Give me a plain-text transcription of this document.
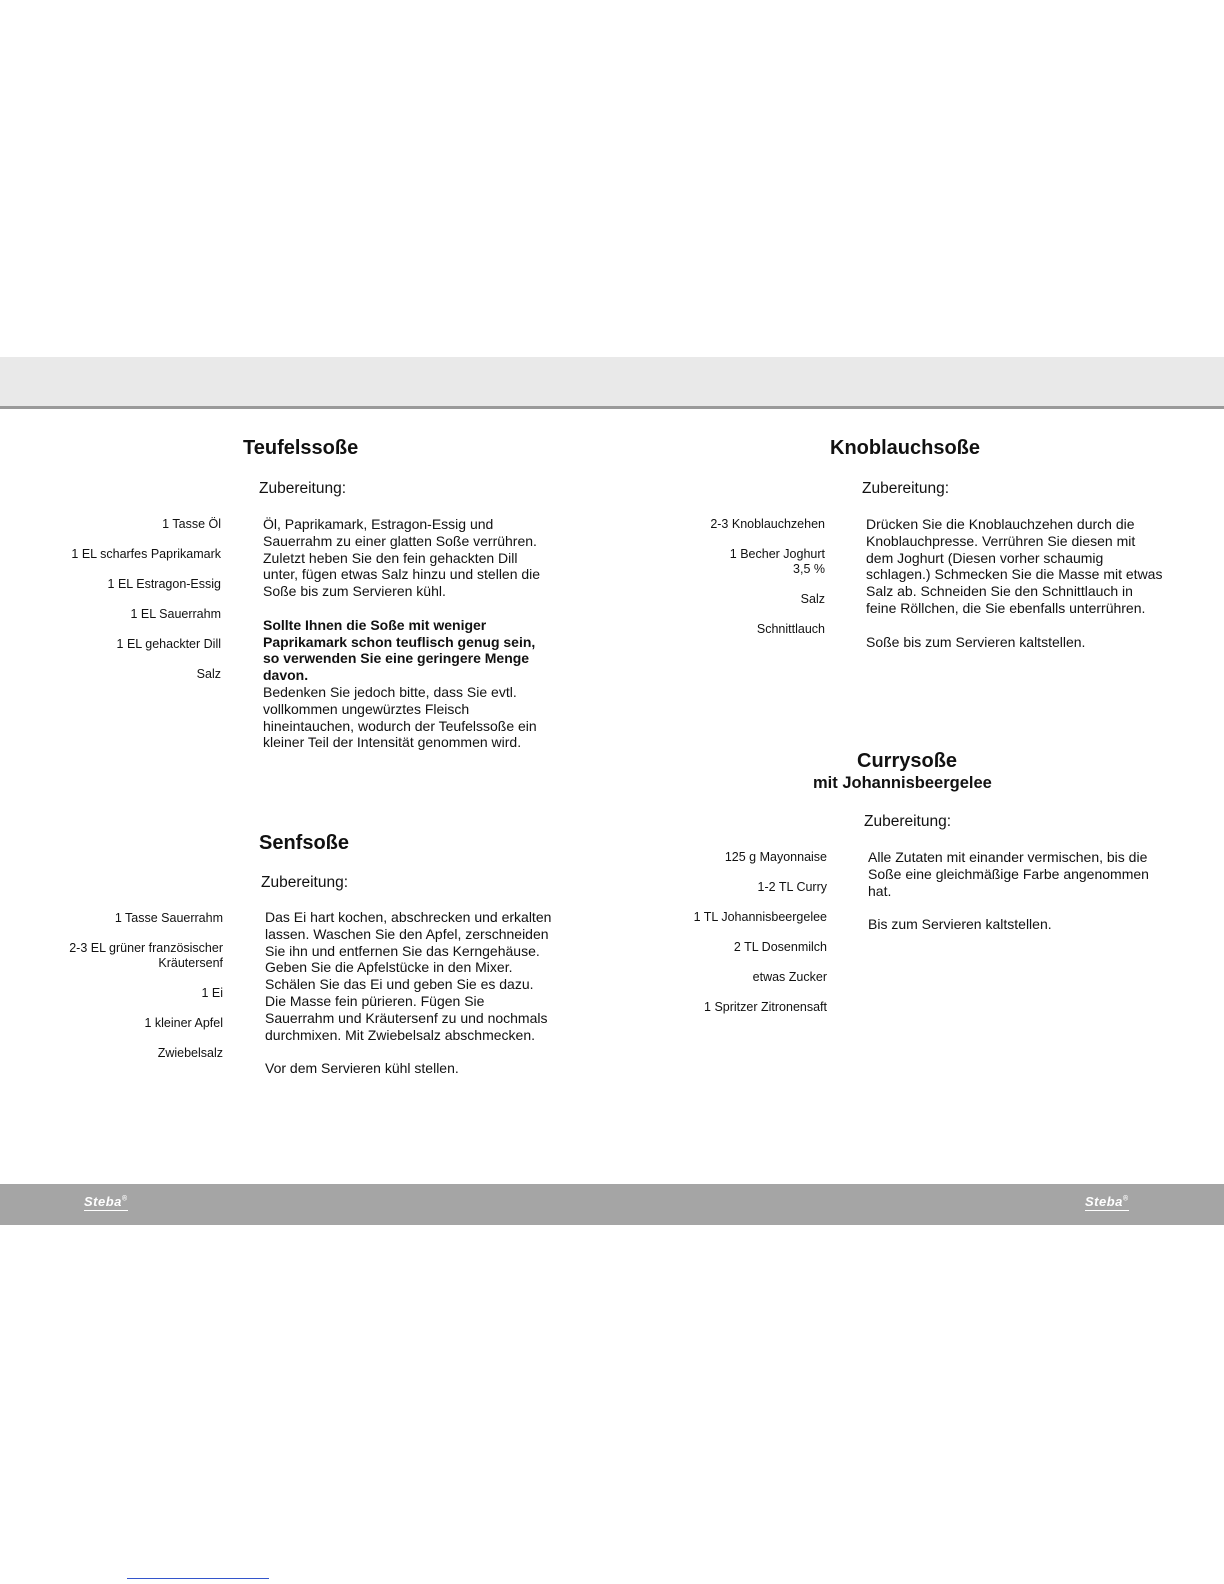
Teufelssoße
Zubereitung:
1 Tasse Öl
1 EL scharfes Paprikamark
1 EL Estragon-Essig
1 EL Sauerrahm
1 EL gehackter Dill
Salz

Öl, Paprikamark, Estragon-Essig und Sauerrahm zu einer glatten Soße verrühren. Zuletzt heben Sie den fein gehackten Dill unter, fügen etwas Salz hinzu und stellen die Soße bis zum Servieren kühl.

Sollte Ihnen die Soße mit weniger Paprikamark schon teuflisch genug sein, so verwenden Sie eine geringere Menge davon.

Bedenken Sie jedoch bitte, dass Sie evtl. vollkommen ungewürztes Fleisch hineintauchen, wodurch der Teufelssoße ein kleiner Teil der Intensität genommen wird.

Senfsoße
Zubereitung:
1 Tasse Sauerrahm
2-3 EL grüner französischer Kräutersenf
1 Ei
1 kleiner Apfel
Zwiebelsalz

Das Ei hart kochen, abschrecken und erkalten lassen. Waschen Sie den Apfel, zerschneiden Sie ihn und entfernen Sie das Kerngehäuse. Geben Sie die Apfelstücke in den Mixer. Schälen Sie das Ei und geben Sie es dazu. Die Masse fein pürieren. Fügen Sie Sauerrahm und Kräutersenf zu und nochmals durchmixen. Mit Zwiebelsalz abschmecken.

Vor dem Servieren kühl stellen.

Knoblauchsoße
Zubereitung:
2-3 Knoblauchzehen
1 Becher Joghurt 3,5 %
Salz
Schnittlauch

Drücken Sie die Knoblauchzehen durch die Knoblauchpresse. Verrühren Sie diesen mit dem Joghurt (Diesen vorher schaumig schlagen.) Schmecken Sie die Masse mit etwas Salz ab. Schneiden Sie den Schnittlauch in feine Röllchen, die Sie ebenfalls unterrühren.

Soße bis zum Servieren kaltstellen.

Currysoße
mit Johannisbeergelee
Zubereitung:
125 g Mayonnaise
1-2 TL Curry
1 TL Johannisbeergelee
2 TL Dosenmilch
etwas Zucker
1 Spritzer Zitronensaft

Alle Zutaten mit einander vermischen, bis die Soße eine gleichmäßige Farbe angenommen hat.

Bis zum Servieren kaltstellen.

Steba®	Steba®
